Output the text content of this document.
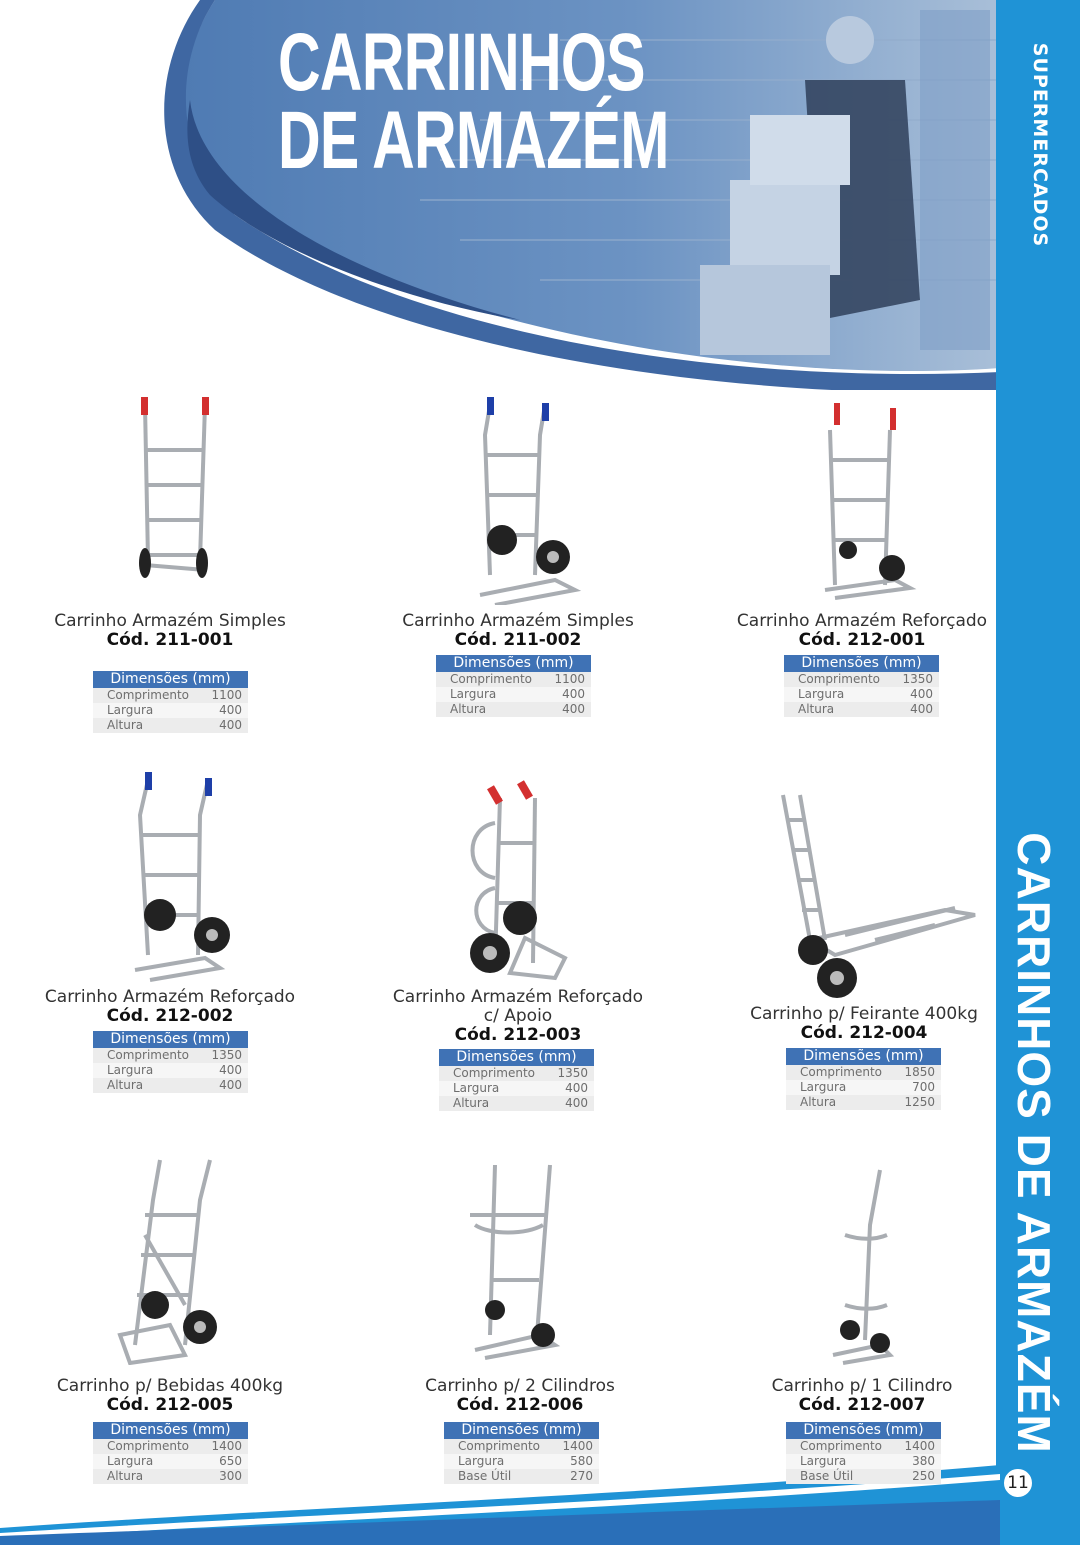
CARRIINHOS
DE ARMAZÉM	SUPERMERCADOS
CARRINHOS DE ARMAZÉM
11
Carrinho Armazém Simples
Cód. 211-001
Dimensões (mm)
Comprimento 1100
Largura	400
Altura	400
Carrinho Armazém Simples
Cód. 211-002
Dimensões (mm)
Comprimento 1100
Largura	400
Altura	400
Carrinho Armazém Reforçado
Cód. 212-001
Dimensões (mm)
Comprimento 1350
Largura	400
Altura	400
Carrinho Armazém Reforçado
Cód. 212-002
Dimensões (mm)
Comprimento 1350
Largura	400
Altura	400
Carrinho Armazém Reforçado
c/ Apoio
Cód. 212-003
Dimensões (mm)
Comprimento 1350
Largura	400
Altura	400
Carrinho p/ Feirante 400kg
Cód. 212-004
Dimensões (mm)
Comprimento 1850
Largura	700
Altura	1250
Carrinho p/ Bebidas 400kg
Cód. 212-005
Dimensões (mm)
Comprimento 1400
Largura	650
Altura	300
Carrinho p/ 2 Cilindros
Cód. 212-006
Dimensões (mm)
Comprimento 1400
Largura	580
Base Útil	270
Carrinho p/ 1 Cilindro
Cód. 212-007
Dimensões (mm)
Comprimento 1400
Largura	380
Base Útil	250
